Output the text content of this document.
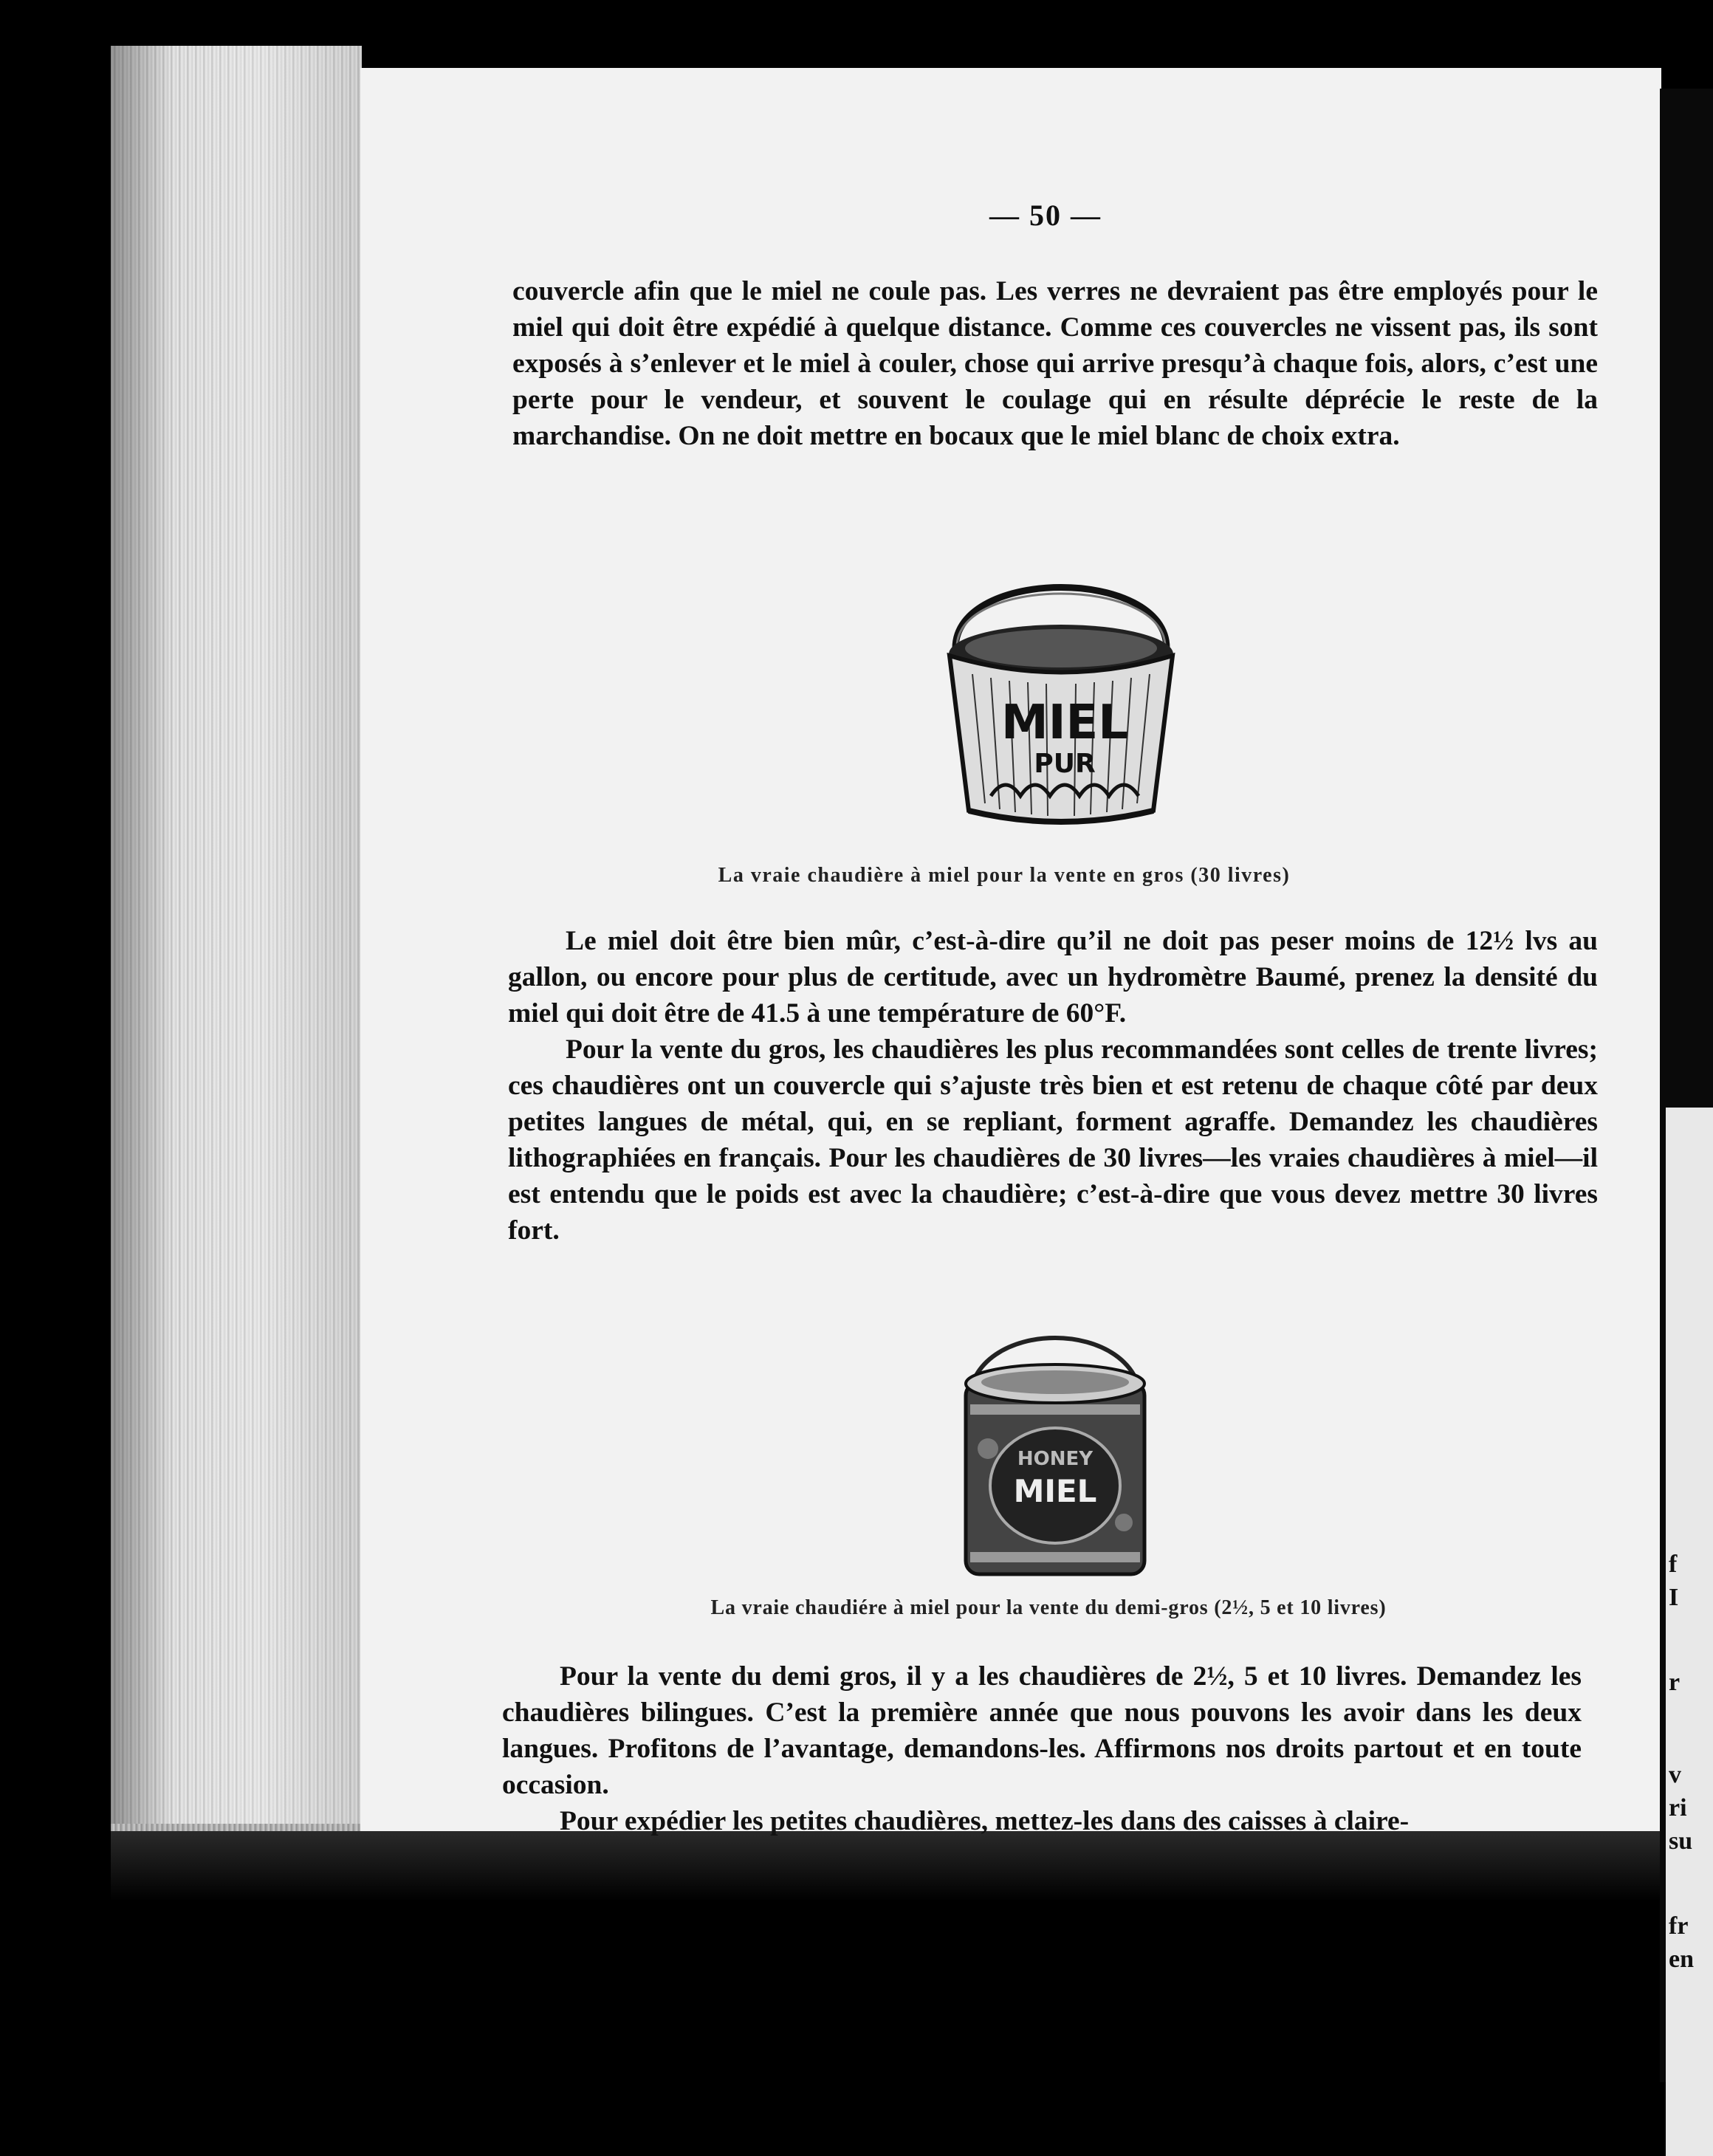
f
I
r
v
ri
su
fr
en
— 50 —

couvercle afin que le miel ne coule pas. Les verres ne devraient pas être employés pour le miel qui doit être expédié à quelque distance. Comme ces couvercles ne vissent pas, ils sont exposés à s’enlever et le miel à couler, chose qui arrive presqu’à chaque fois, alors, c’est une perte pour le vendeur, et souvent le coulage qui en résulte déprécie le reste de la marchandise. On ne doit mettre en bocaux que le miel blanc de choix extra.

MIEL
PUR
La vraie chaudière à miel pour la vente en gros (30 livres)

Le miel doit être bien mûr, c’est-à-dire qu’il ne doit pas peser moins de 12½ lvs au gallon, ou encore pour plus de certitude, avec un hydromètre Baumé, prenez la densité du miel qui doit être de 41.5 à une température de 60°F.

Pour la vente du gros, les chaudières les plus recommandées sont celles de trente livres; ces chaudières ont un couvercle qui s’ajuste très bien et est retenu de chaque côté par deux petites langues de métal, qui, en se repliant, forment agraffe. Demandez les chaudières lithographiées en français. Pour les chaudières de 30 livres—les vraies chaudières à miel—il est entendu que le poids est avec la chaudière; c’est-à-dire que vous devez mettre 30 livres fort.

HONEY
MIEL
La vraie chaudiére à miel pour la vente du demi-gros (2½, 5 et 10 livres)

Pour la vente du demi gros, il y a les chaudières de 2½, 5 et 10 livres. Demandez les chaudières bilingues. C’est la première année que nous pouvons les avoir dans les deux langues. Profitons de l’avantage, demandons-les. Affirmons nos droits partout et en toute occasion.

Pour expédier les petites chaudières, mettez-les dans des caisses à claire-
